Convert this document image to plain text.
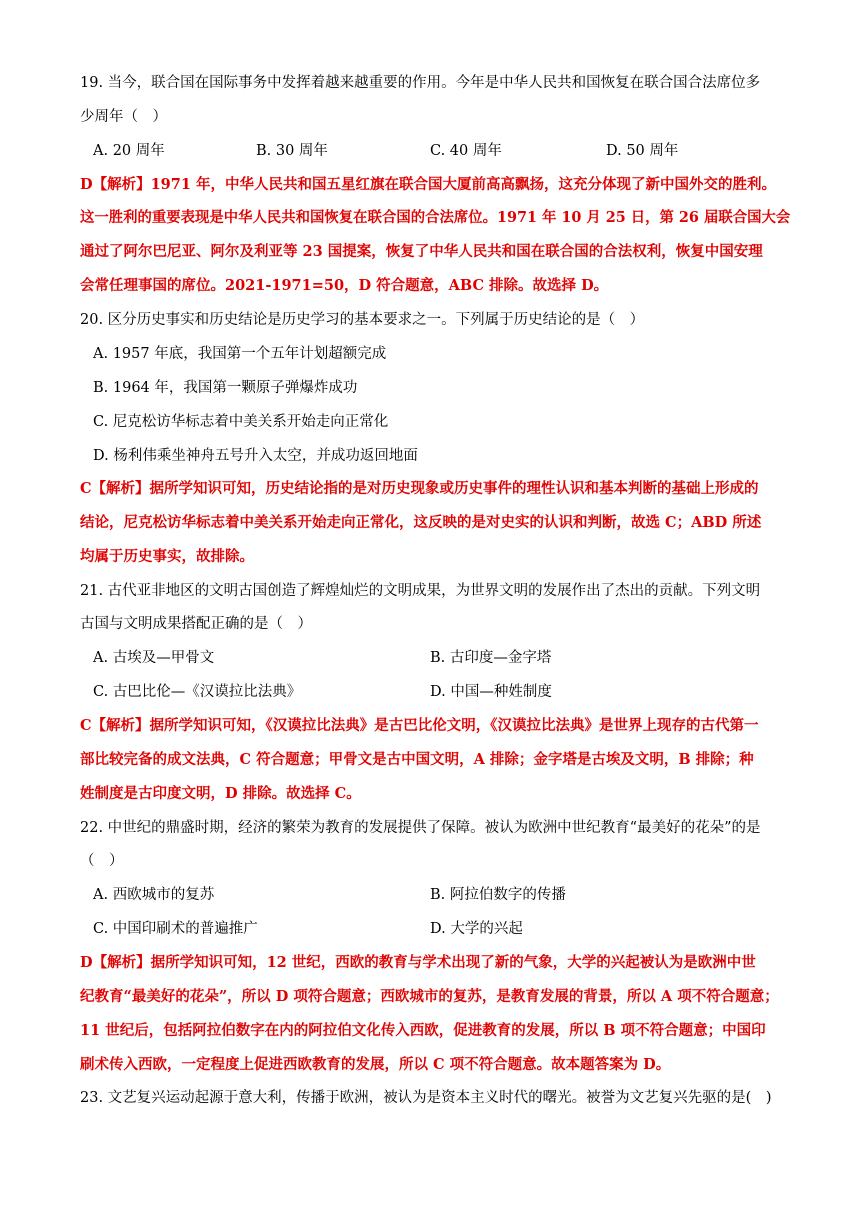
19. 当今，联合国在国际事务中发挥着越来越重要的作用。今年是中华人民共和国恢复在联合国合法席位多
少周年（　）
A. 20 周年	B. 30 周年	C. 40 周年	D. 50 周年
D【解析】1971 年，中华人民共和国五星红旗在联合国大厦前高高飘扬，这充分体现了新中国外交的胜利。
这一胜利的重要表现是中华人民共和国恢复在联合国的合法席位。1971 年 10 月 25 日，第 26 届联合国大会
通过了阿尔巴尼亚、阿尔及利亚等 23 国提案，恢复了中华人民共和国在联合国的合法权利，恢复中国安理
会常任理事国的席位。2021-1971=50，D 符合题意，ABC 排除。故选择 D。
20. 区分历史事实和历史结论是历史学习的基本要求之一。下列属于历史结论的是（　）
A. 1957 年底，我国第一个五年计划超额完成
B. 1964 年，我国第一颗原子弹爆炸成功
C. 尼克松访华标志着中美关系开始走向正常化
D. 杨利伟乘坐神舟五号升入太空，并成功返回地面
C【解析】据所学知识可知，历史结论指的是对历史现象或历史事件的理性认识和基本判断的基础上形成的
结论，尼克松访华标志着中美关系开始走向正常化，这反映的是对史实的认识和判断，故选 C；ABD 所述
均属于历史事实，故排除。
21. 古代亚非地区的文明古国创造了辉煌灿烂的文明成果，为世界文明的发展作出了杰出的贡献。下列文明
古国与文明成果搭配正确的是（　）
A. 古埃及—甲骨文	B. 古印度—金字塔
C. 古巴比伦—《汉谟拉比法典》	D. 中国—种姓制度
C【解析】据所学知识可知，《汉谟拉比法典》是古巴比伦文明，《汉谟拉比法典》是世界上现存的古代第一
部比较完备的成文法典，C 符合题意；甲骨文是古中国文明，A 排除；金字塔是古埃及文明，B 排除；种
姓制度是古印度文明，D 排除。故选择 C。
22. 中世纪的鼎盛时期，经济的繁荣为教育的发展提供了保障。被认为欧洲中世纪教育“最美好的花朵”的是
（　）
A. 西欧城市的复苏	B. 阿拉伯数字的传播
C. 中国印刷术的普遍推广	D. 大学的兴起
D【解析】据所学知识可知，12 世纪，西欧的教育与学术出现了新的气象，大学的兴起被认为是欧洲中世
纪教育“最美好的花朵”，所以 D 项符合题意；西欧城市的复苏，是教育发展的背景，所以 A 项不符合题意；
11 世纪后，包括阿拉伯数字在内的阿拉伯文化传入西欧，促进教育的发展，所以 B 项不符合题意；中国印
刷术传入西欧，一定程度上促进西欧教育的发展，所以 C 项不符合题意。故本题答案为 D。
23. 文艺复兴运动起源于意大利，传播于欧洲，被认为是资本主义时代的曙光。被誉为文艺复兴先驱的是(　)
